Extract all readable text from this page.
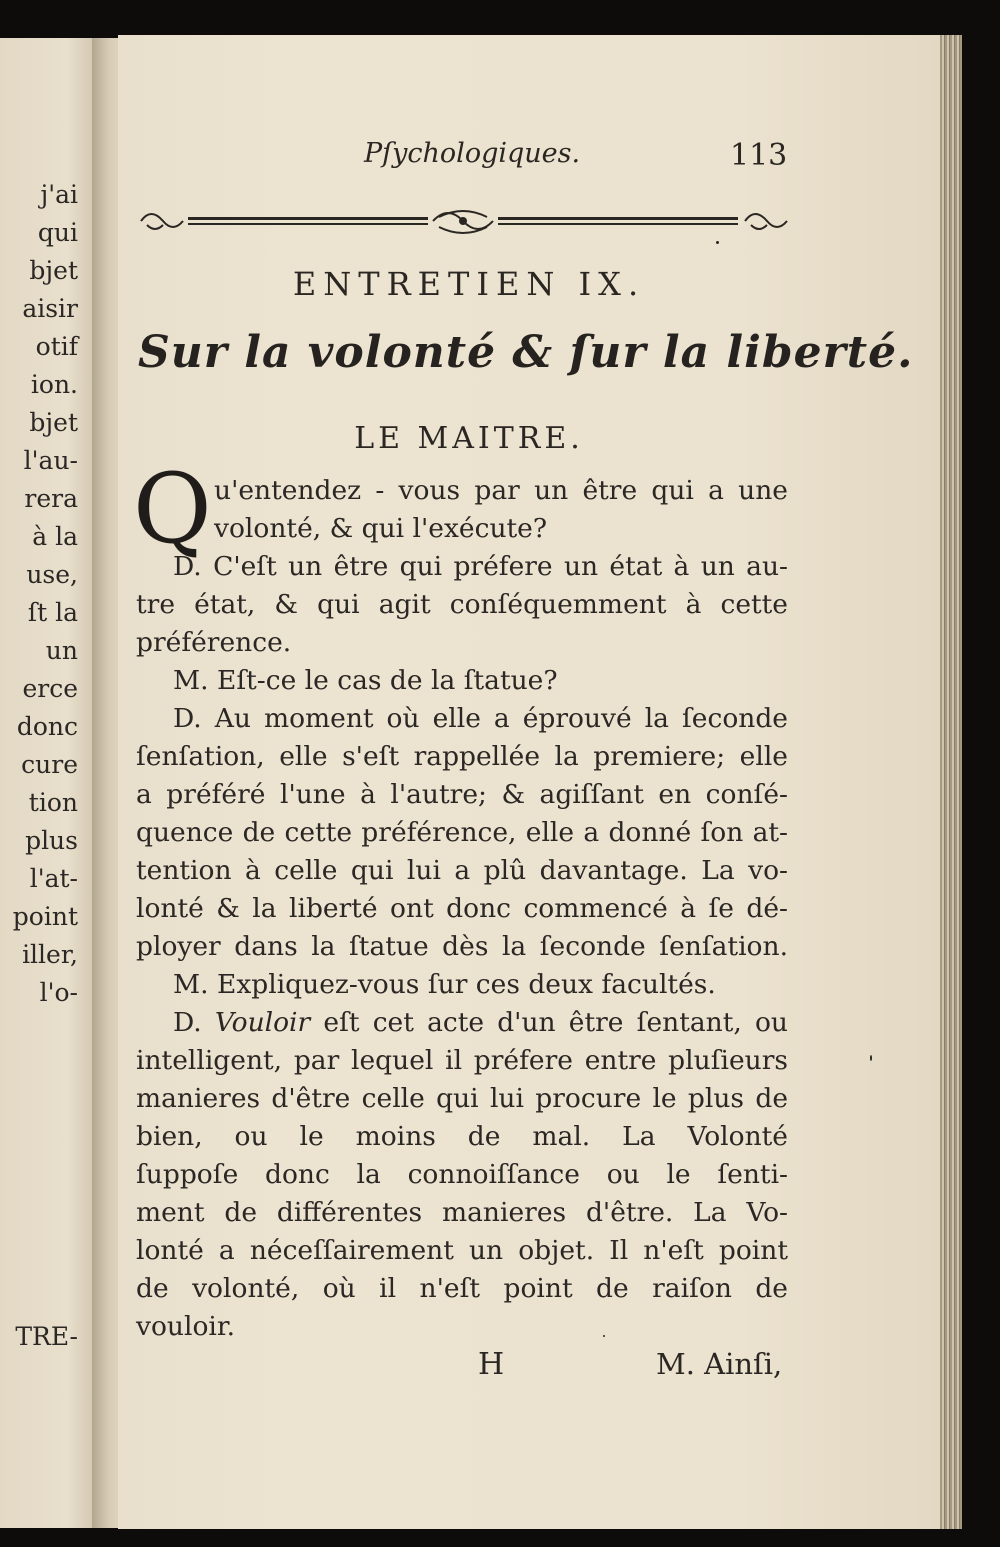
j'ai

qui

bjet

aisir

otif

ion.

bjet

l'au-

rera

à la

use,

ſt la

un

erce

donc

cure

tion

plus

l'at-

point

iller,

l'o-

TRE-

Pſychologiques.	113
ENTRETIEN IX.
Sur la volonté & ſur la liberté.
LE MAITRE.
Q u'entendez - vous par un être qui a une

volonté, & qui l'exécute?

D. C'eſt un être qui préfere un état à un au-

tre état, & qui agit conſéquemment à cette

préférence.

M. Eſt-ce le cas de la ſtatue?

D. Au moment où elle a éprouvé la ſeconde

ſenſation, elle s'eſt rappellée la premiere; elle

a préféré l'une à l'autre; & agiſſant en conſé-

quence de cette préférence, elle a donné ſon at-

tention à celle qui lui a plû davantage. La vo-

lonté & la liberté ont donc commencé à ſe dé-

ployer dans la ſtatue dès la ſeconde ſenſation.

M. Expliquez-vous ſur ces deux facultés.

D. Vouloir eſt cet acte d'un être ſentant, ou

intelligent, par lequel il préfere entre pluſieurs

manieres d'être celle qui lui procure le plus de

bien, ou le moins de mal. La Volonté

ſuppoſe donc la connoiſſance ou le ſenti-

ment de différentes manieres d'être. La Vo-

lonté a néceſſairement un objet. Il n'eſt point

de volonté, où il n'eſt point de raiſon de

vouloir.

H	M. Ainſi,
